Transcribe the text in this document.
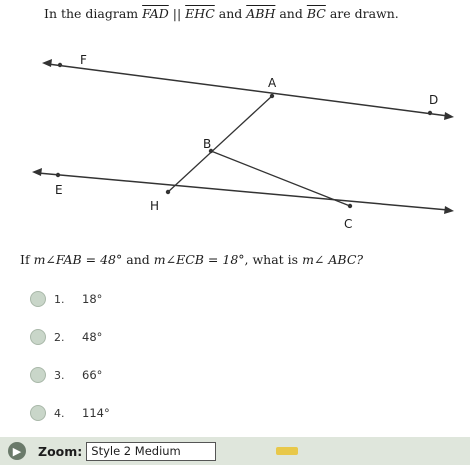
In the diagram $\overline{FAD}$ || $\overline{EHC}$ and $\overline{ABH}$ and $\overline{BC}$ are drawn.
F
A
D
B
E
H
C
If m∠FAB = 48° and m∠ECB = 18°, what is m∠ ABC?
1.	18°
2.	48°
3.	66°
4.	114°
▶	Zoom: Style 2 Medium
